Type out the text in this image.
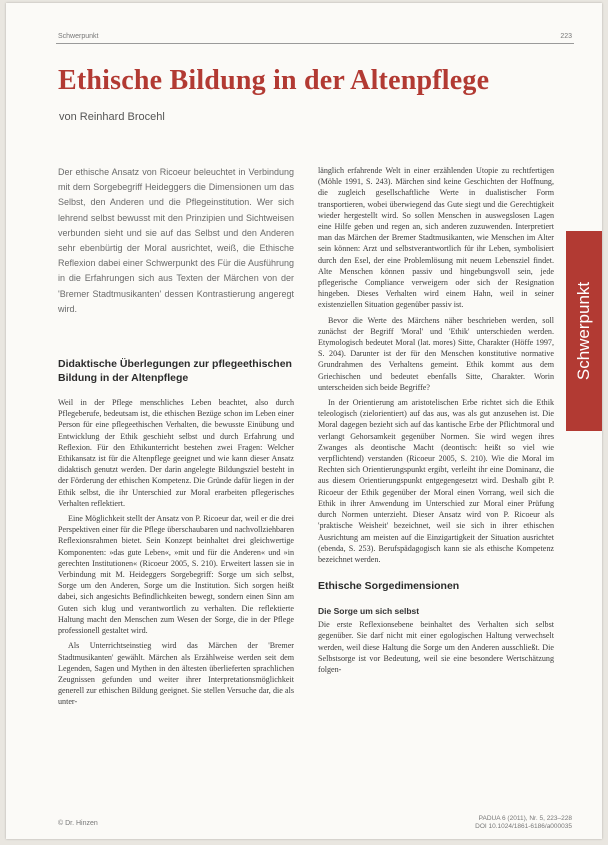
Schwerpunkt	223
Ethische Bildung in der Altenpflege
von Reinhard Brocehl
Schwerpunkt

Der ethische Ansatz von Ricoeur beleuchtet in Verbindung mit dem Sorgebegriff Heideggers die Dimensionen um das Selbst, den Anderen und die Pflegeinstitution. Wer sich lehrend selbst bewusst mit den Prinzipien und Sichtweisen verbunden sieht und sie auf das Selbst und den Anderen sehr ebenbürtig der Moral ausrichtet, weiß, die Ethische Reflexion dabei einer Schwerpunkt des Für die Ausführung in die Erfahrungen sich aus Texten der Märchen von der 'Bremer Stadtmusikanten' dessen Kontrastierung angeregt wird.

Didaktische Überlegungen zur pflegeethischen Bildung in der Altenpflege

Weil in der Pflege menschliches Leben beachtet, also durch Pflegeberufe, bedeutsam ist, die ethischen Bezüge schon im Leben einer Person für eine pflegeethischen Verhalten, die bewusste Einübung und Entwicklung der Ethik geschieht selbst und durch Erfahrung und Reflexion. Für den Ethikunterricht bestehen zwei Fragen: Welcher Ethikansatz ist für die Altenpflege geeignet und wie kann dieser Ansatz didaktisch genutzt werden. Der darin angelegte Bildungsziel besteht in der Förderung der ethischen Kompetenz. Die Gründe dafür liegen in der Ethik selbst, die ihr Unterschied zur Moral erarbeiten pflegerisches Verhalten reflektiert.

Eine Möglichkeit stellt der Ansatz von P. Ricoeur dar, weil er die drei Perspektiven einer für die Pflege überschaubaren und nachvollziehbaren Reflexionsrahmen bietet. Sein Konzept beinhaltet drei gleichwertige Komponenten: »das gute Leben«, »mit und für die Anderen« und »in gerechten Institutionen« (Ricoeur 2005, S. 210). Erweitert lassen sie in Verbindung mit M. Heideggers Sorgebegriff: Sorge um sich selbst, Sorge um den Anderen, Sorge um die Institution. Sich sorgen heißt dabei, sich angesichts Befindlichkeiten bewegt, sondern einen Sinn am Guten sich klug und verantwortlich zu verhalten. Die reflektierte Haltung macht den Menschen zum Wesen der Sorge, die in der Pflege professionell gestaltet wird.

Als Unterrichtseinstieg wird das Märchen der 'Bremer Stadtmusikanten' gewählt. Märchen als Erzählweise werden seit dem Legenden, Sagen und Mythen in den ältesten überlieferten sprachlichen Zeugnissen gefunden und weiter ihrer Interpretationsmöglichkeit generell zur ethischen Bildung geeignet. Sie stellen Versuche dar, die als unter-

länglich erfahrende Welt in einer erzählenden Utopie zu rechtfertigen (Möhle 1991, S. 243). Märchen sind keine Geschichten der Hoffnung, die zugleich gesellschaftliche Werte in dualistischer Form transportieren, wobei überwiegend das Gute siegt und die Gerechtigkeit wieder hergestellt wird. So sollen Menschen in auswegslosen Lagen eine Hilfe geben und regen an, sich anderen zuzuwenden. Interpretiert man das Märchen der Bremer Stadtmusikanten, wie Menschen im Alter sein können: Arzt und selbstverantwortlich für ihr Leben, symbolisiert durch den Esel, der eine Problemlösung mit neuem Lebensziel findet. Alte Menschen können passiv und hingebungsvoll sein, jede pflegerische Compliance verweigern oder sich der Resignation hingeben. Dieses Verhalten wird einem Hahn, weil in seiner existenziellen Situation gegenüber passiv ist.

Bevor die Werte des Märchens näher beschrieben werden, soll zunächst der Begriff 'Moral' und 'Ethik' unterschieden werden. Etymologisch bedeutet Moral (lat. mores) Sitte, Charakter (Höffe 1997, S. 204). Darunter ist der für den Menschen konstitutive normative Grundrahmen des Verhaltens gemeint. Ethik kommt aus dem Griechischen und bedeutet ebenfalls Sitte, Charakter. Worin unterscheiden sich beide Begriffe?

In der Orientierung am aristotelischen Erbe richtet sich die Ethik teleologisch (zielorientiert) auf das aus, was als gut anzusehen ist. Die Moral dagegen bezieht sich auf das kantische Erbe der Pflichtmoral und verlangt Gehorsamkeit gegenüber Normen. Sie wird wegen ihres Zwanges als deontische Macht (deontisch: heißt so viel wie verpflichtend) verstanden (Ricoeur 2005, S. 210). Wie die Moral im Rechten sich Orientierungspunkt ergibt, verleiht ihr eine Dominanz, die aus diesem Orientierungspunkt entgegengesetzt wird. Deshalb gibt P. Ricoeur der Ethik gegenüber der Moral einen Vorrang, weil sich die Ethik in ihrer Anwendung im Unterschied zur Moral einer Prüfung durch Normen unterzieht. Dieser Ansatz wird von P. Ricoeur als 'praktische Weisheit' bezeichnet, weil sie sich in ihrer ethischen Ausrichtung am meisten auf die Einzigartigkeit der Situation ausrichtet (ebenda, S. 253). Berufspädagogisch kann sie als ethische Kompetenz bezeichnet werden.

Ethische Sorgedimensionen
Die Sorge um sich selbst

Die erste Reflexionsebene beinhaltet des Verhalten sich selbst gegenüber. Sie darf nicht mit einer egologischen Haltung verwechselt werden, weil diese Haltung die Sorge um den Anderen ausschließt. Die Selbstsorge ist vor Bedeutung, weil sie eine besondere Wertschätzung folgen-

© Dr. Hinzen
PADUA 6 (2011), Nr. 5, 223–228
DOI 10.1024/1861-6186/a000035
